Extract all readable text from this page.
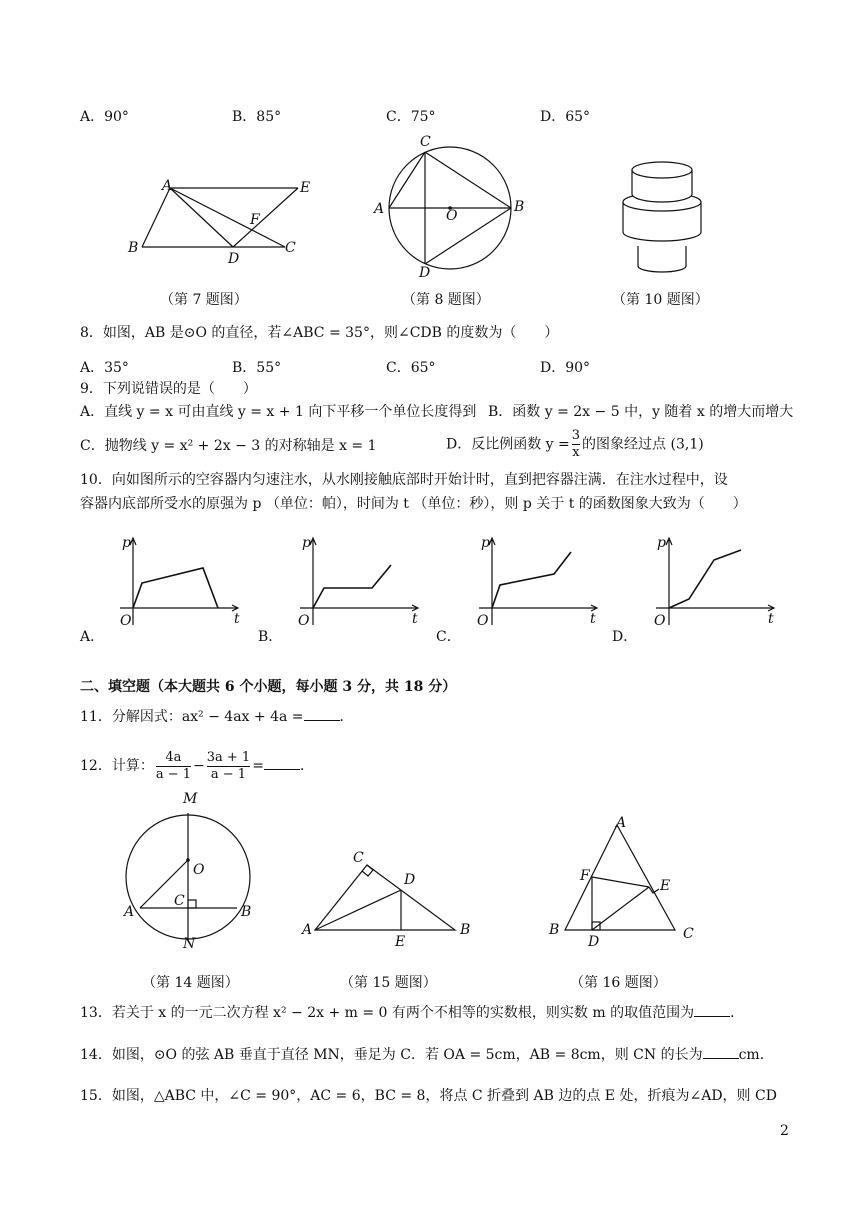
A．90°	B．85°	C．75°	D．65°
A	E
F
B
D
C
（第 7 题图）
C
A	O
B
D
（第 8 题图）	（第 10 题图）
8．如图，AB 是⊙O 的直径，若∠ABC = 35°，则∠CDB 的度数为（　　）
A．35°	B．55°	C．65°	D．90°
9．下列说错误的是（　　）
A．直线 y = x 可由直线 y = x + 1 向下平移一个单位长度得到 B．函数 y = 2x − 5 中，y 随着 x 的增大而增大
C．抛物线 y = x² + 2x − 3 的对称轴是 x = 1	D．反比例函数 $y = \frac{3}{x}$ 的图象经过点 (3,1)
10．向如图所示的空容器内匀速注水，从水刚接触底部时开始计时，直到把容器注满．在注水过程中，设
容器内底部所受水的原强为 p （单位：帕），时间为 t （单位：秒），则 p 关于 t 的函数图象大致为（　　）
p
t
O
p
t
O
p
t
O
p
t
O
A．	B．	C．	D．
二、填空题（本大题共 6 个小题，每小题 3 分，共 18 分）
11．分解因式：ax² − 4ax + 4a =	．
12．计算： $\frac{4a}{a - 1} - \frac{3a + 1}{a - 1}$ =	．
M
O
C
A	B
N
（第 14 题图）
C
D
A
E
B
（第 15 题图）
A
F
E
B
D	C
（第 16 题图）
13．若关于 x 的一元二次方程 x² − 2x + m = 0 有两个不相等的实数根，则实数 m 的取值范围为	．
14．如图，⊙O 的弦 AB 垂直于直径 MN，垂足为 C．若 OA = 5cm，AB = 8cm，则 CN 的长为	cm．
15．如图，△ABC 中，∠C = 90°，AC = 6，BC = 8，将点 C 折叠到 AB 边的点 E 处，折痕为∠AD，则 CD
2
